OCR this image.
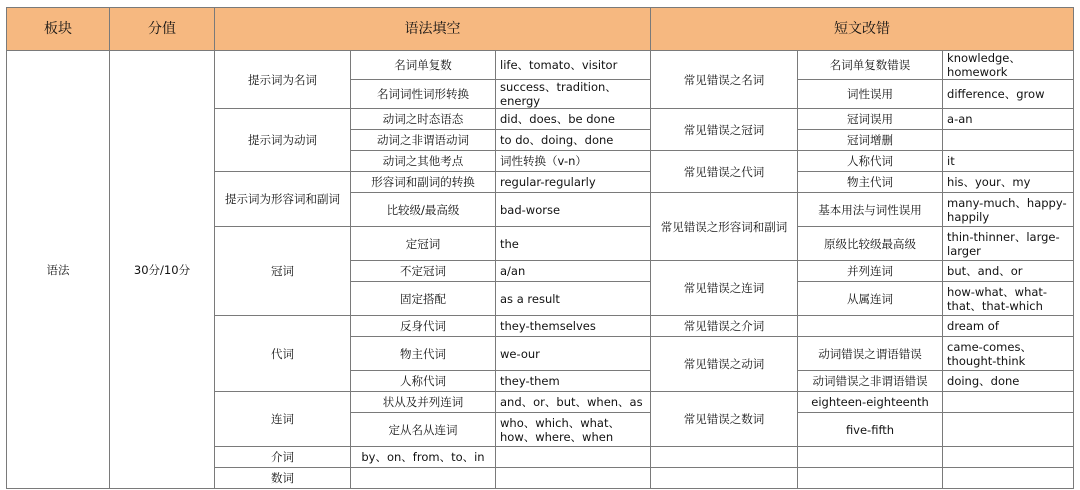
板块	分值	语法填空			短文改错		
语法	30分/10分	提示词为名词	名词单复数	life、tomato、visitor	常见错误之名词	名词单复数错误	knowledge、homework
			名词词性词形转换	success、tradition、energy		词性误用	difference、grow
		提示词为动词	动词之时态语态	did、does、be done	常见错误之冠词	冠词误用	a-an
			动词之非谓语动词	to do、doing、done		冠词增删	
			动词之其他考点	词性转换（v-n）	常见错误之代词	人称代词	it
		提示词为形容词和副词	形容词和副词的转换	regular-regularly		物主代词	his、your、my
			比较级/最高级	bad-worse	常见错误之形容词和副词	基本用法与词性误用	many-much、happy-happily
		冠词	定冠词	the		原级比较级最高级	thin-thinner、large-larger
			不定冠词	a/an	常见错误之连词	并列连词	but、and、or
			固定搭配	as a result		从属连词	how-what、what-that、that-which
		代词	反身代词	they-themselves	常见错误之介词		dream of
			物主代词	we-our	常见错误之动词	动词错误之谓语错误	came-comes、thought-think
			人称代词	they-them		动词错误之非谓语错误	doing、done
		连词	状从及并列连词	and、or、but、when、as	常见错误之数词	eighteen-eighteenth	
			定从名从连词	who、which、what、how、where、when		five-fifth	
		介词	by、on、from、to、in				
		数词					
